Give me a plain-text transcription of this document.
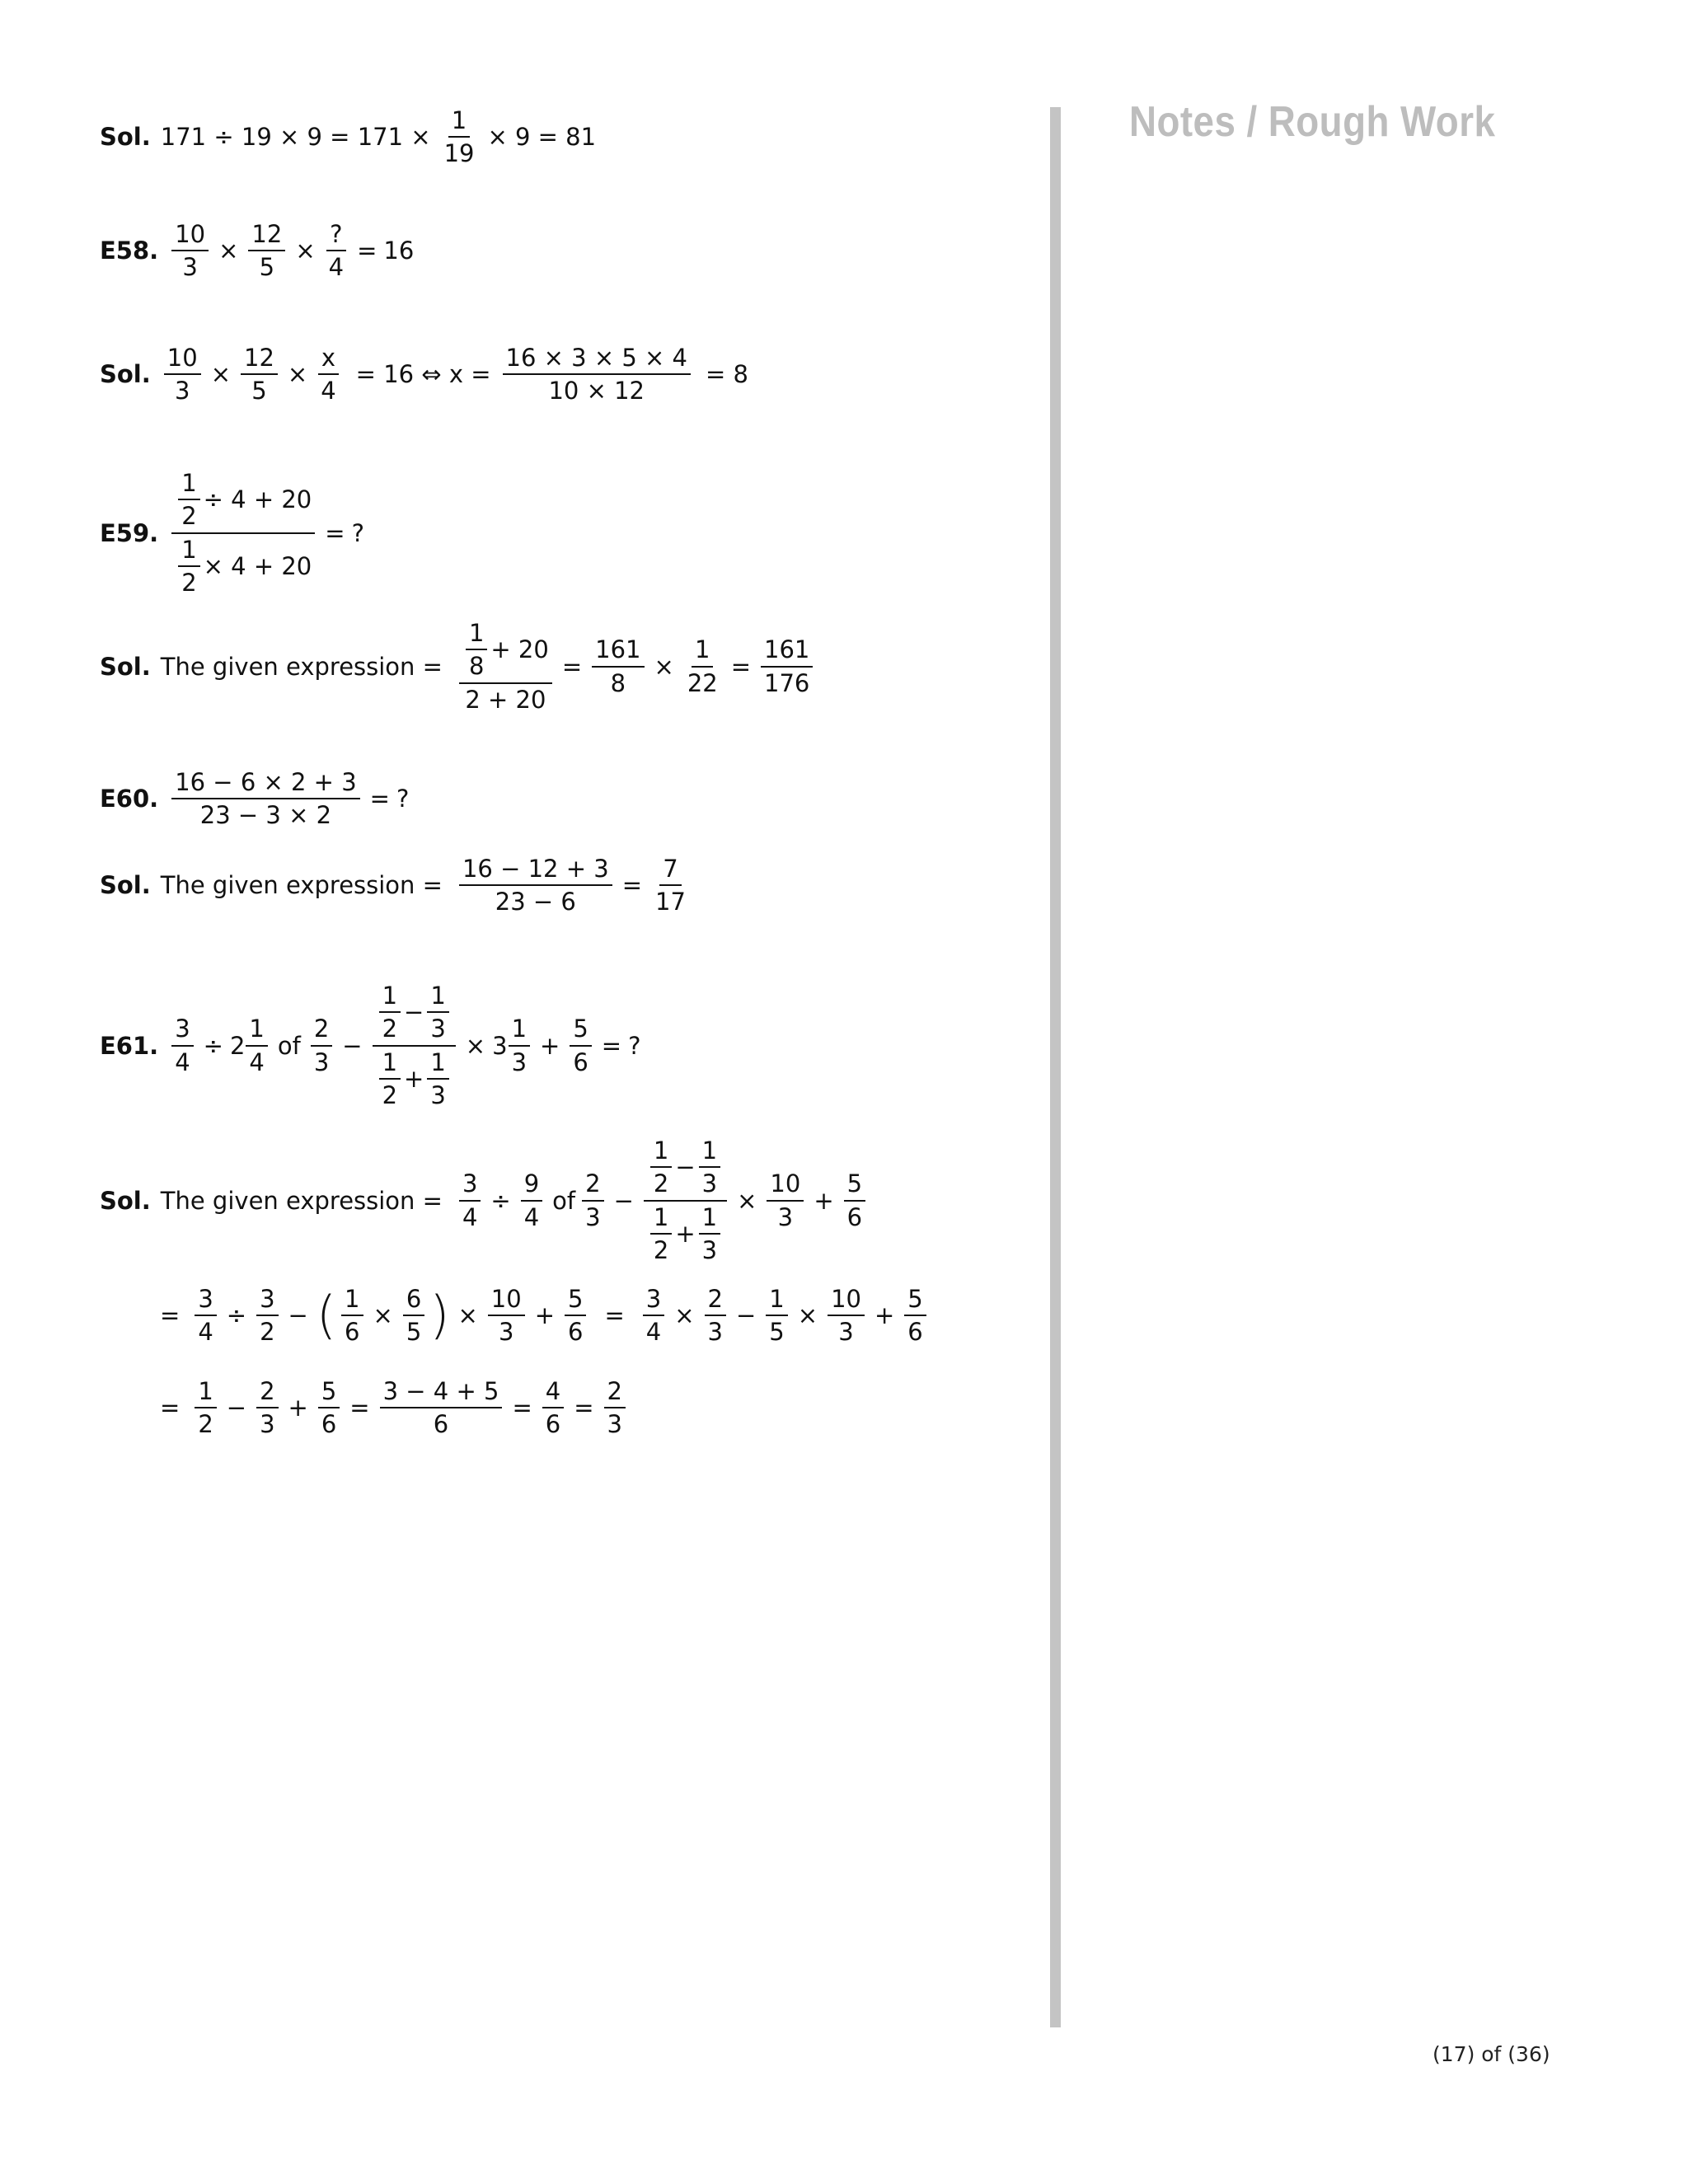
Sol. $171 \div 19 \times 9 = 171 \times \frac{1}{19} \times 9 = 81$
E58. $\frac{10}{3} \times \frac{12}{5} \times \frac{?}{4} = 16$
Sol. $\frac{10}{3} \times \frac{12}{5} \times \frac{x}{4} = 16$ ⇔ $x = \frac{16 \times 3 \times 5 \times 4}{10 \times 12} = 8$
E59. $\frac{\frac{1}{2} \div 4 + 20}{\frac{1}{2} \times 4 + 20}$ = ?
Sol. The given expression = $\frac{\frac{1}{8} + 20}{2 + 20} = \frac{161}{8} \times \frac{1}{22} = \frac{161}{176}$
E60. $\frac{16 - 6 \times 2 + 3}{23 - 3 \times 2}$ = ?
Sol. The given expression = $\frac{16 - 12 + 3}{23 - 6} = \frac{7}{17}$
E61. $\frac{3}{4} \div 2 \frac{1}{4}$ of $\frac{2}{3} - \frac{\frac{1}{2} - \frac{1}{3}}{\frac{1}{2} + \frac{1}{3}} \times 3 \frac{1}{3} + \frac{5}{6}$ = ?
Sol. The given expression = $\frac{3}{4} \div \frac{9}{4}$ of $\frac{2}{3} - \frac{\frac{1}{2} - \frac{1}{3}}{\frac{1}{2} + \frac{1}{3}} \times \frac{10}{3} + \frac{5}{6}$
= $\frac{3}{4} \div \frac{3}{2}$ − ( $\frac{1}{6} \times \frac{6}{5}$ ) × $\frac{10}{3} + \frac{5}{6} = \frac{3}{4} \times \frac{2}{3} - \frac{1}{5} \times \frac{10}{3} + \frac{5}{6}$
= $\frac{1}{2} - \frac{2}{3} + \frac{5}{6} = \frac{3 - 4 + 5}{6} = \frac{4}{6} = \frac{2}{3}$
Notes / Rough Work
(17) of (36)
